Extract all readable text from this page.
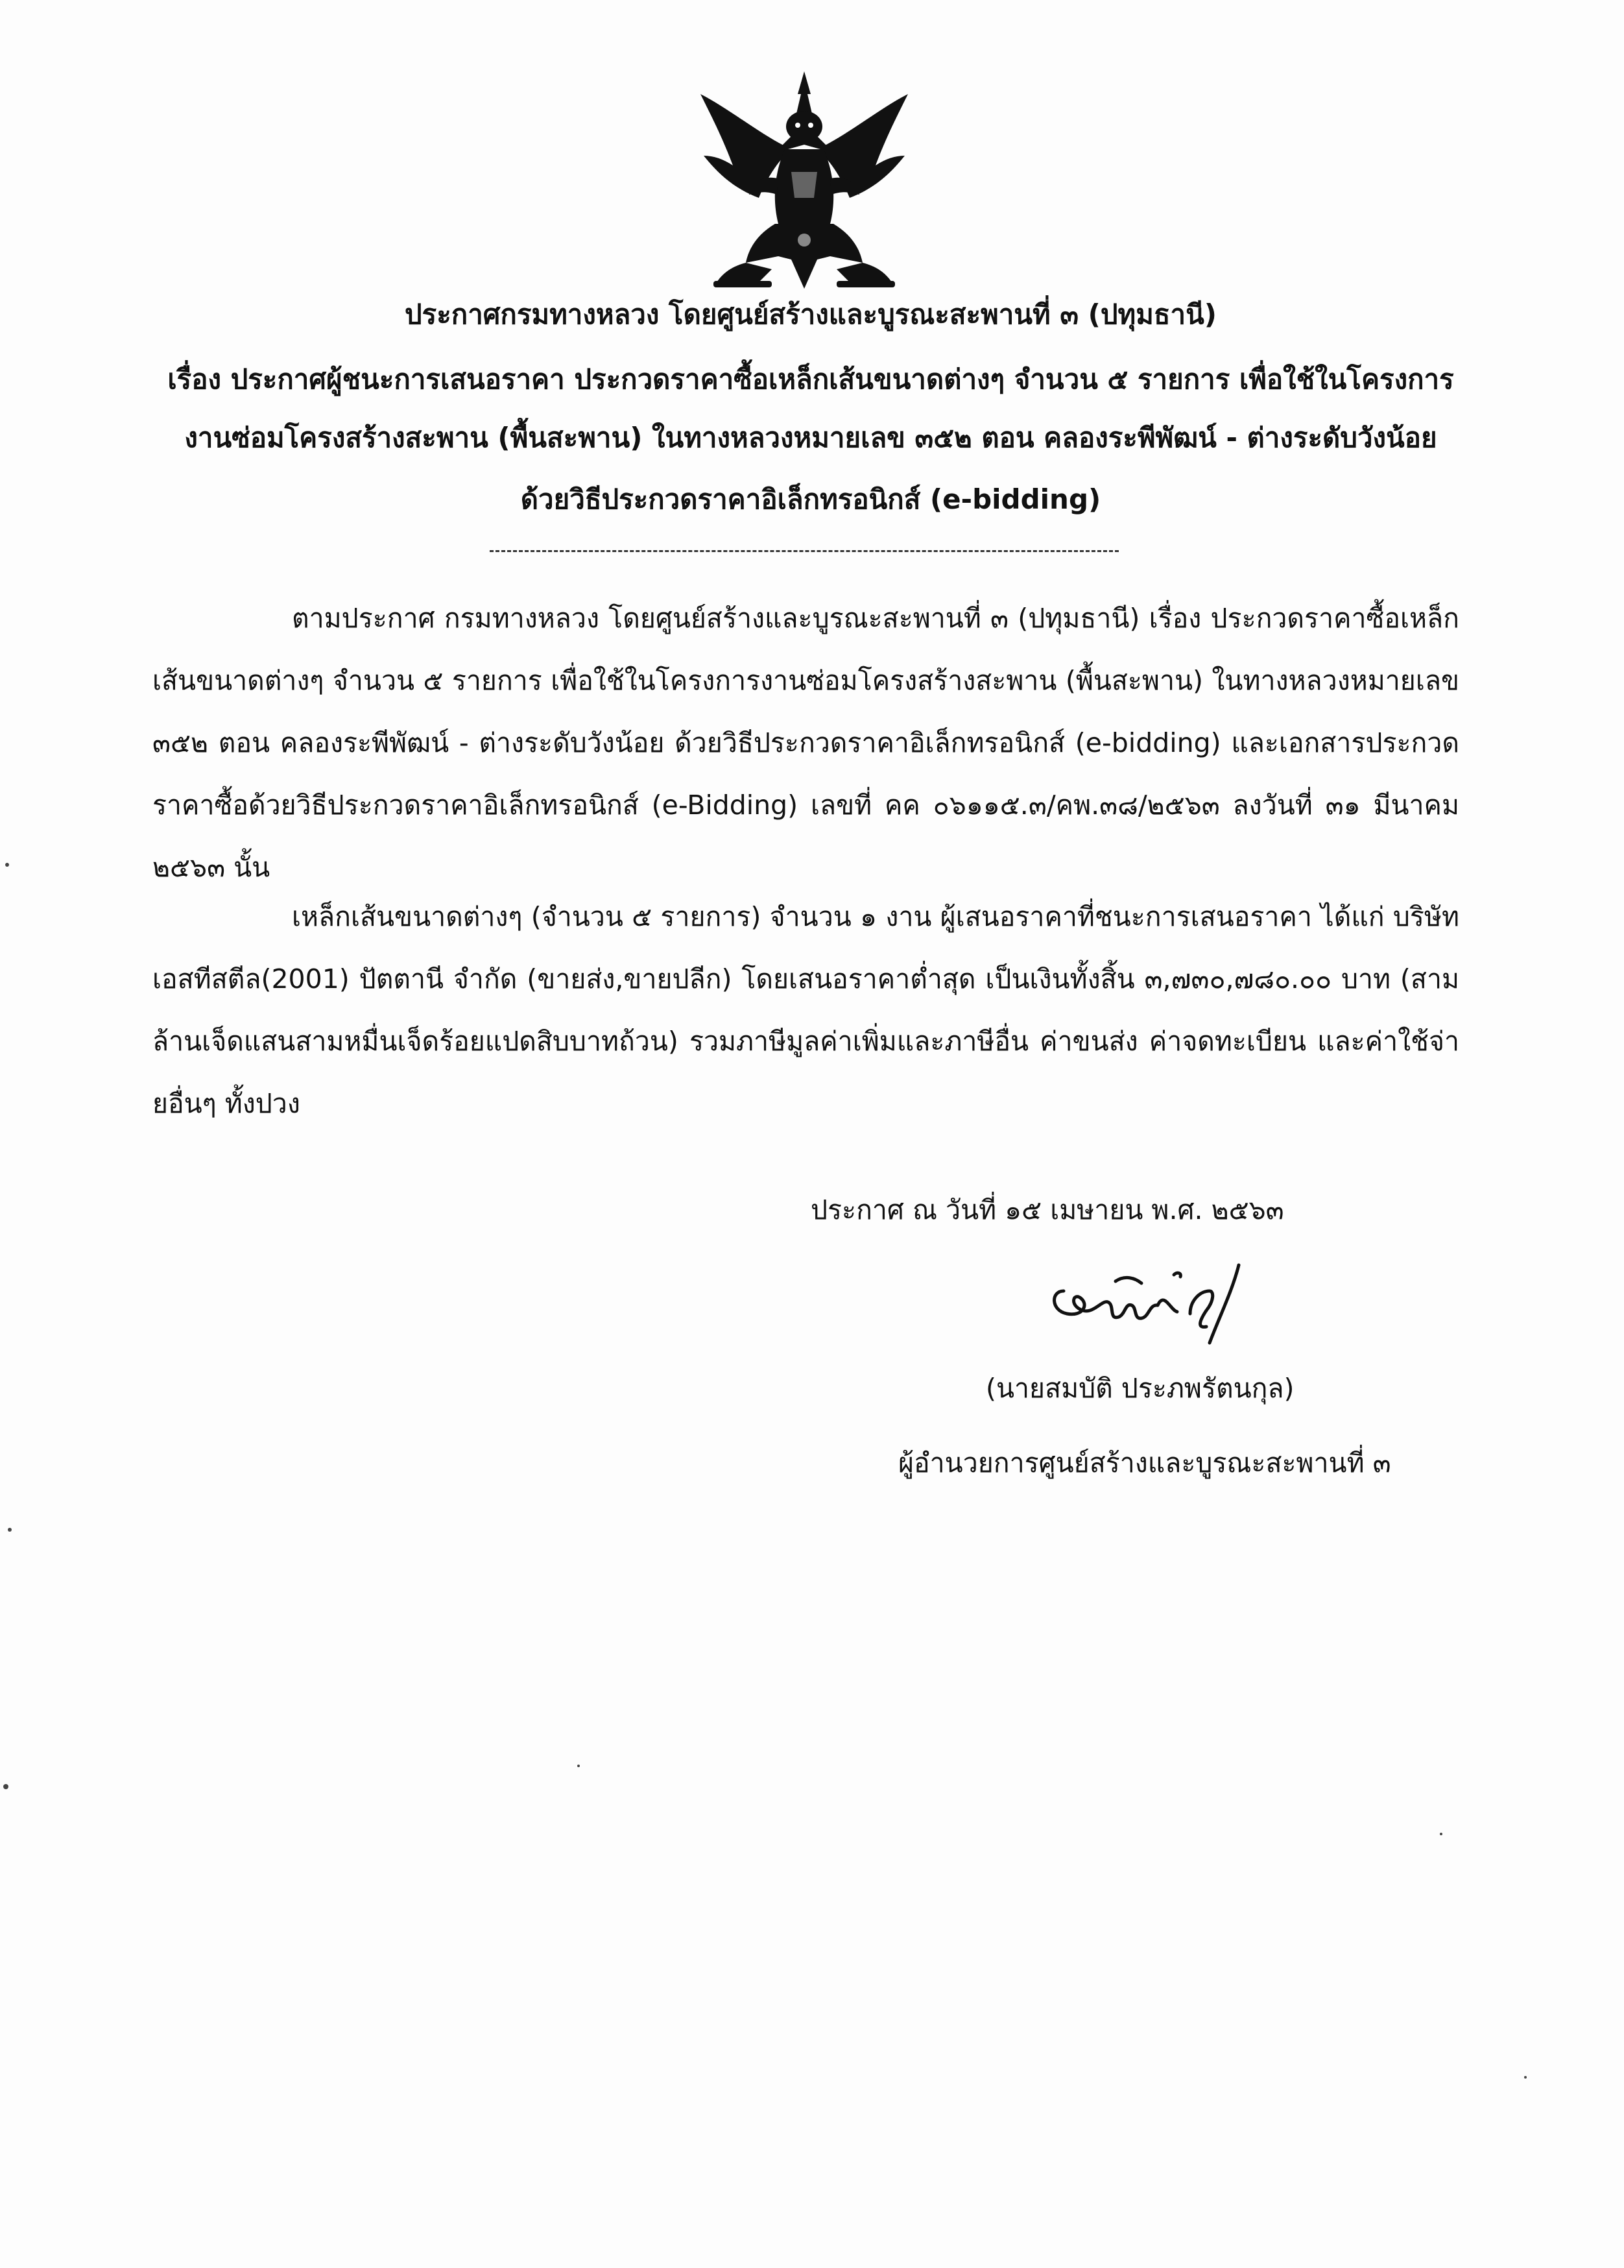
ประกาศกรมทางหลวง โดยศูนย์สร้างและบูรณะสะพานที่ ๓ (ปทุมธานี)
เรื่อง ประกาศผู้ชนะการเสนอราคา ประกวดราคาซื้อเหล็กเส้นขนาดต่างๆ จำนวน ๕ รายการ เพื่อใช้ในโครงการ
งานซ่อมโครงสร้างสะพาน (พื้นสะพาน) ในทางหลวงหมายเลข ๓๕๒ ตอน คลองระพีพัฒน์ - ต่างระดับวังน้อย
ด้วยวิธีประกวดราคาอิเล็กทรอนิกส์ (e-bidding)
ตามประกาศ กรมทางหลวง โดยศูนย์สร้างและบูรณะสะพานที่ ๓ (ปทุมธานี) เรื่อง ประกวดราคาซื้อเหล็กเส้นขนาดต่างๆ จำนวน ๕ รายการ เพื่อใช้ในโครงการงานซ่อมโครงสร้างสะพาน (พื้นสะพาน) ในทางหลวงหมายเลข ๓๕๒ ตอน คลองระพีพัฒน์ - ต่างระดับวังน้อย ด้วยวิธีประกวดราคาอิเล็กทรอนิกส์ (e-bidding) และเอกสารประกวดราคาซื้อด้วยวิธีประกวดราคาอิเล็กทรอนิกส์ (e-Bidding) เลขที่ คค ๐๖๑๑๕.๓/คพ.๓๘/๒๕๖๓ ลงวันที่ ๓๑ มีนาคม ๒๕๖๓ นั้น
เหล็กเส้นขนาดต่างๆ (จำนวน ๕ รายการ) จำนวน ๑ งาน ผู้เสนอราคาที่ชนะการเสนอราคา ได้แก่ บริษัท เอสทีสตีล(2001) ปัตตานี จำกัด (ขายส่ง,ขายปลีก) โดยเสนอราคาต่ำสุด เป็นเงินทั้งสิ้น ๓,๗๓๐,๗๘๐.๐๐ บาท (สามล้านเจ็ดแสนสามหมื่นเจ็ดร้อยแปดสิบบาทถ้วน) รวมภาษีมูลค่าเพิ่มและภาษีอื่น ค่าขนส่ง ค่าจดทะเบียน และค่าใช้จ่ายอื่นๆ ทั้งปวง
ประกาศ ณ วันที่ ๑๕ เมษายน พ.ศ. ๒๕๖๓
(นายสมบัติ ประภพรัตนกุล)
ผู้อำนวยการศูนย์สร้างและบูรณะสะพานที่ ๓
